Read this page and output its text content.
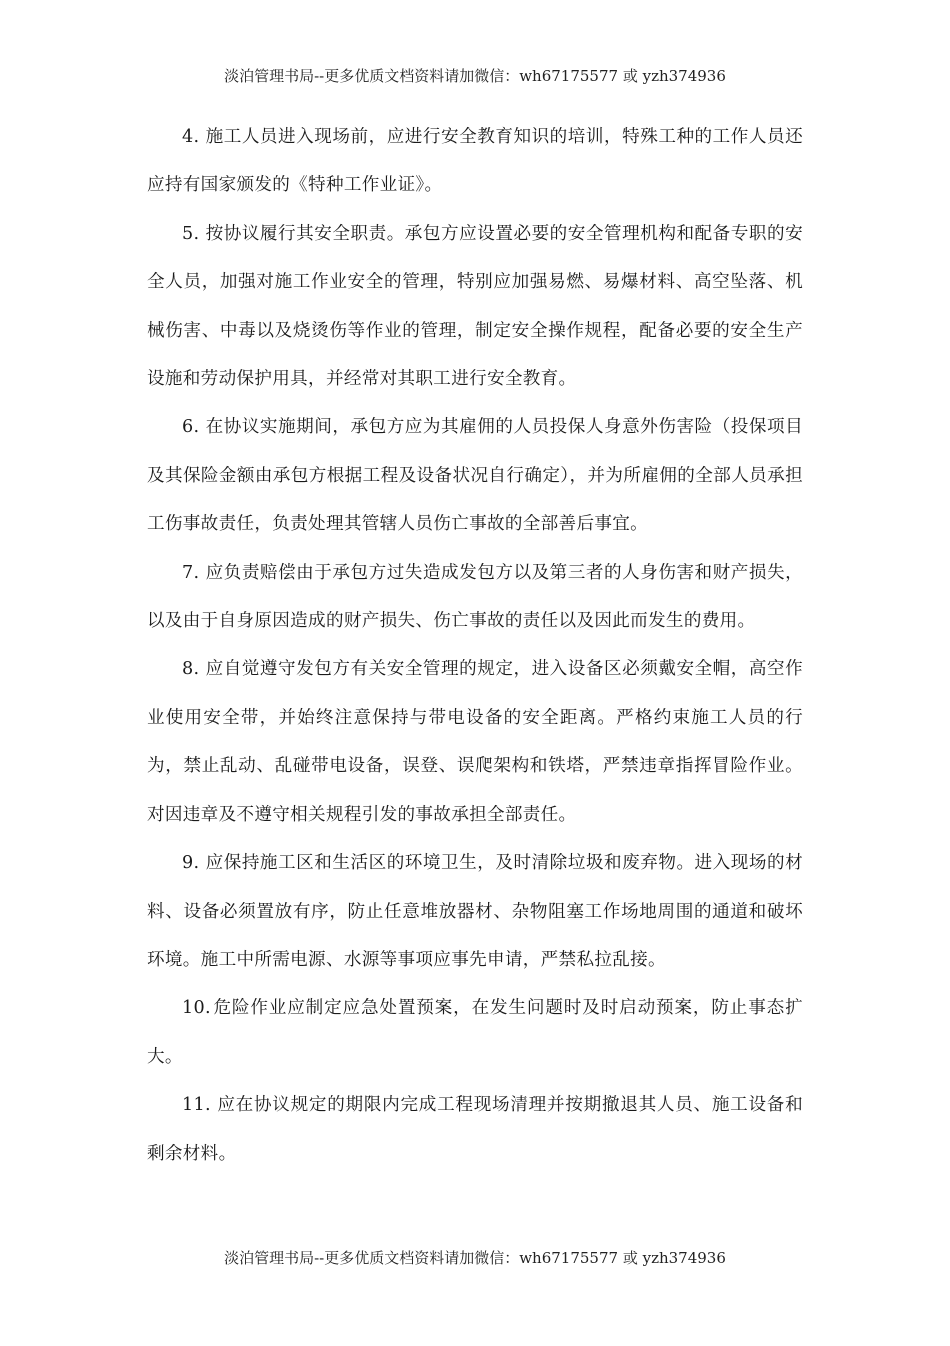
淡泊管理书局--更多优质文档资料请加微信：wh67175577 或 yzh374936

4. 施工人员进入现场前，应进行安全教育知识的培训，特殊工种的工作人员还应持有国家颁发的《特种工作业证》。

5. 按协议履行其安全职责。承包方应设置必要的安全管理机构和配备专职的安全人员，加强对施工作业安全的管理，特别应加强易燃、易爆材料、高空坠落、机械伤害、中毒以及烧烫伤等作业的管理，制定安全操作规程，配备必要的安全生产设施和劳动保护用具，并经常对其职工进行安全教育。

6. 在协议实施期间，承包方应为其雇佣的人员投保人身意外伤害险（投保项目及其保险金额由承包方根据工程及设备状况自行确定），并为所雇佣的全部人员承担工伤事故责任，负责处理其管辖人员伤亡事故的全部善后事宜。

7. 应负责赔偿由于承包方过失造成发包方以及第三者的人身伤害和财产损失，以及由于自身原因造成的财产损失、伤亡事故的责任以及因此而发生的费用。

8. 应自觉遵守发包方有关安全管理的规定，进入设备区必须戴安全帽，高空作业使用安全带，并始终注意保持与带电设备的安全距离。严格约束施工人员的行为，禁止乱动、乱碰带电设备，误登、误爬架构和铁塔，严禁违章指挥冒险作业。对因违章及不遵守相关规程引发的事故承担全部责任。

9. 应保持施工区和生活区的环境卫生，及时清除垃圾和废弃物。进入现场的材料、设备必须置放有序，防止任意堆放器材、杂物阻塞工作场地周围的通道和破坏环境。施工中所需电源、水源等事项应事先申请，严禁私拉乱接。

10. 危险作业应制定应急处置预案，在发生问题时及时启动预案，防止事态扩大。

11. 应在协议规定的期限内完成工程现场清理并按期撤退其人员、施工设备和剩余材料。

淡泊管理书局--更多优质文档资料请加微信：wh67175577 或 yzh374936
